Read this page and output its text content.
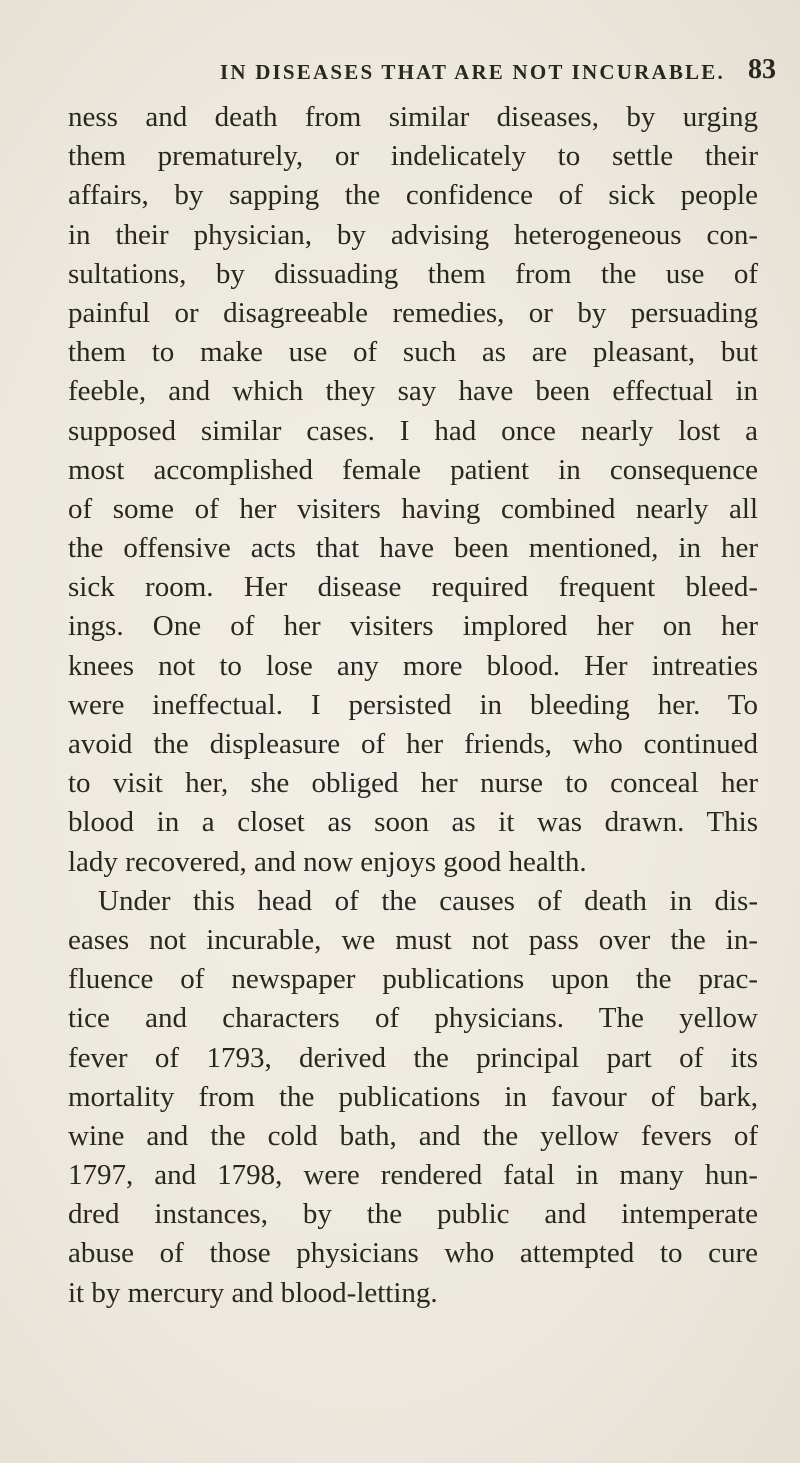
IN DISEASES THAT ARE NOT INCURABLE. 83
ness and death from similar diseases, by urging
them prematurely, or indelicately to settle their
affairs, by sapping the confidence of sick people
in their physician, by advising heterogeneous con-
sultations, by dissuading them from the use of
painful or disagreeable remedies, or by persuading
them to make use of such as are pleasant, but
feeble, and which they say have been effectual in
supposed similar cases. I had once nearly lost a
most accomplished female patient in consequence
of some of her visiters having combined nearly all
the offensive acts that have been mentioned, in her
sick room. Her disease required frequent bleed-
ings. One of her visiters implored her on her
knees not to lose any more blood. Her intreaties
were ineffectual. I persisted in bleeding her. To
avoid the displeasure of her friends, who continued
to visit her, she obliged her nurse to conceal her
blood in a closet as soon as it was drawn. This
lady recovered, and now enjoys good health.
Under this head of the causes of death in dis-
eases not incurable, we must not pass over the in-
fluence of newspaper publications upon the prac-
tice and characters of physicians. The yellow
fever of 1793, derived the principal part of its
mortality from the publications in favour of bark,
wine and the cold bath, and the yellow fevers of
1797, and 1798, were rendered fatal in many hun-
dred instances, by the public and intemperate
abuse of those physicians who attempted to cure
it by mercury and blood-letting.
